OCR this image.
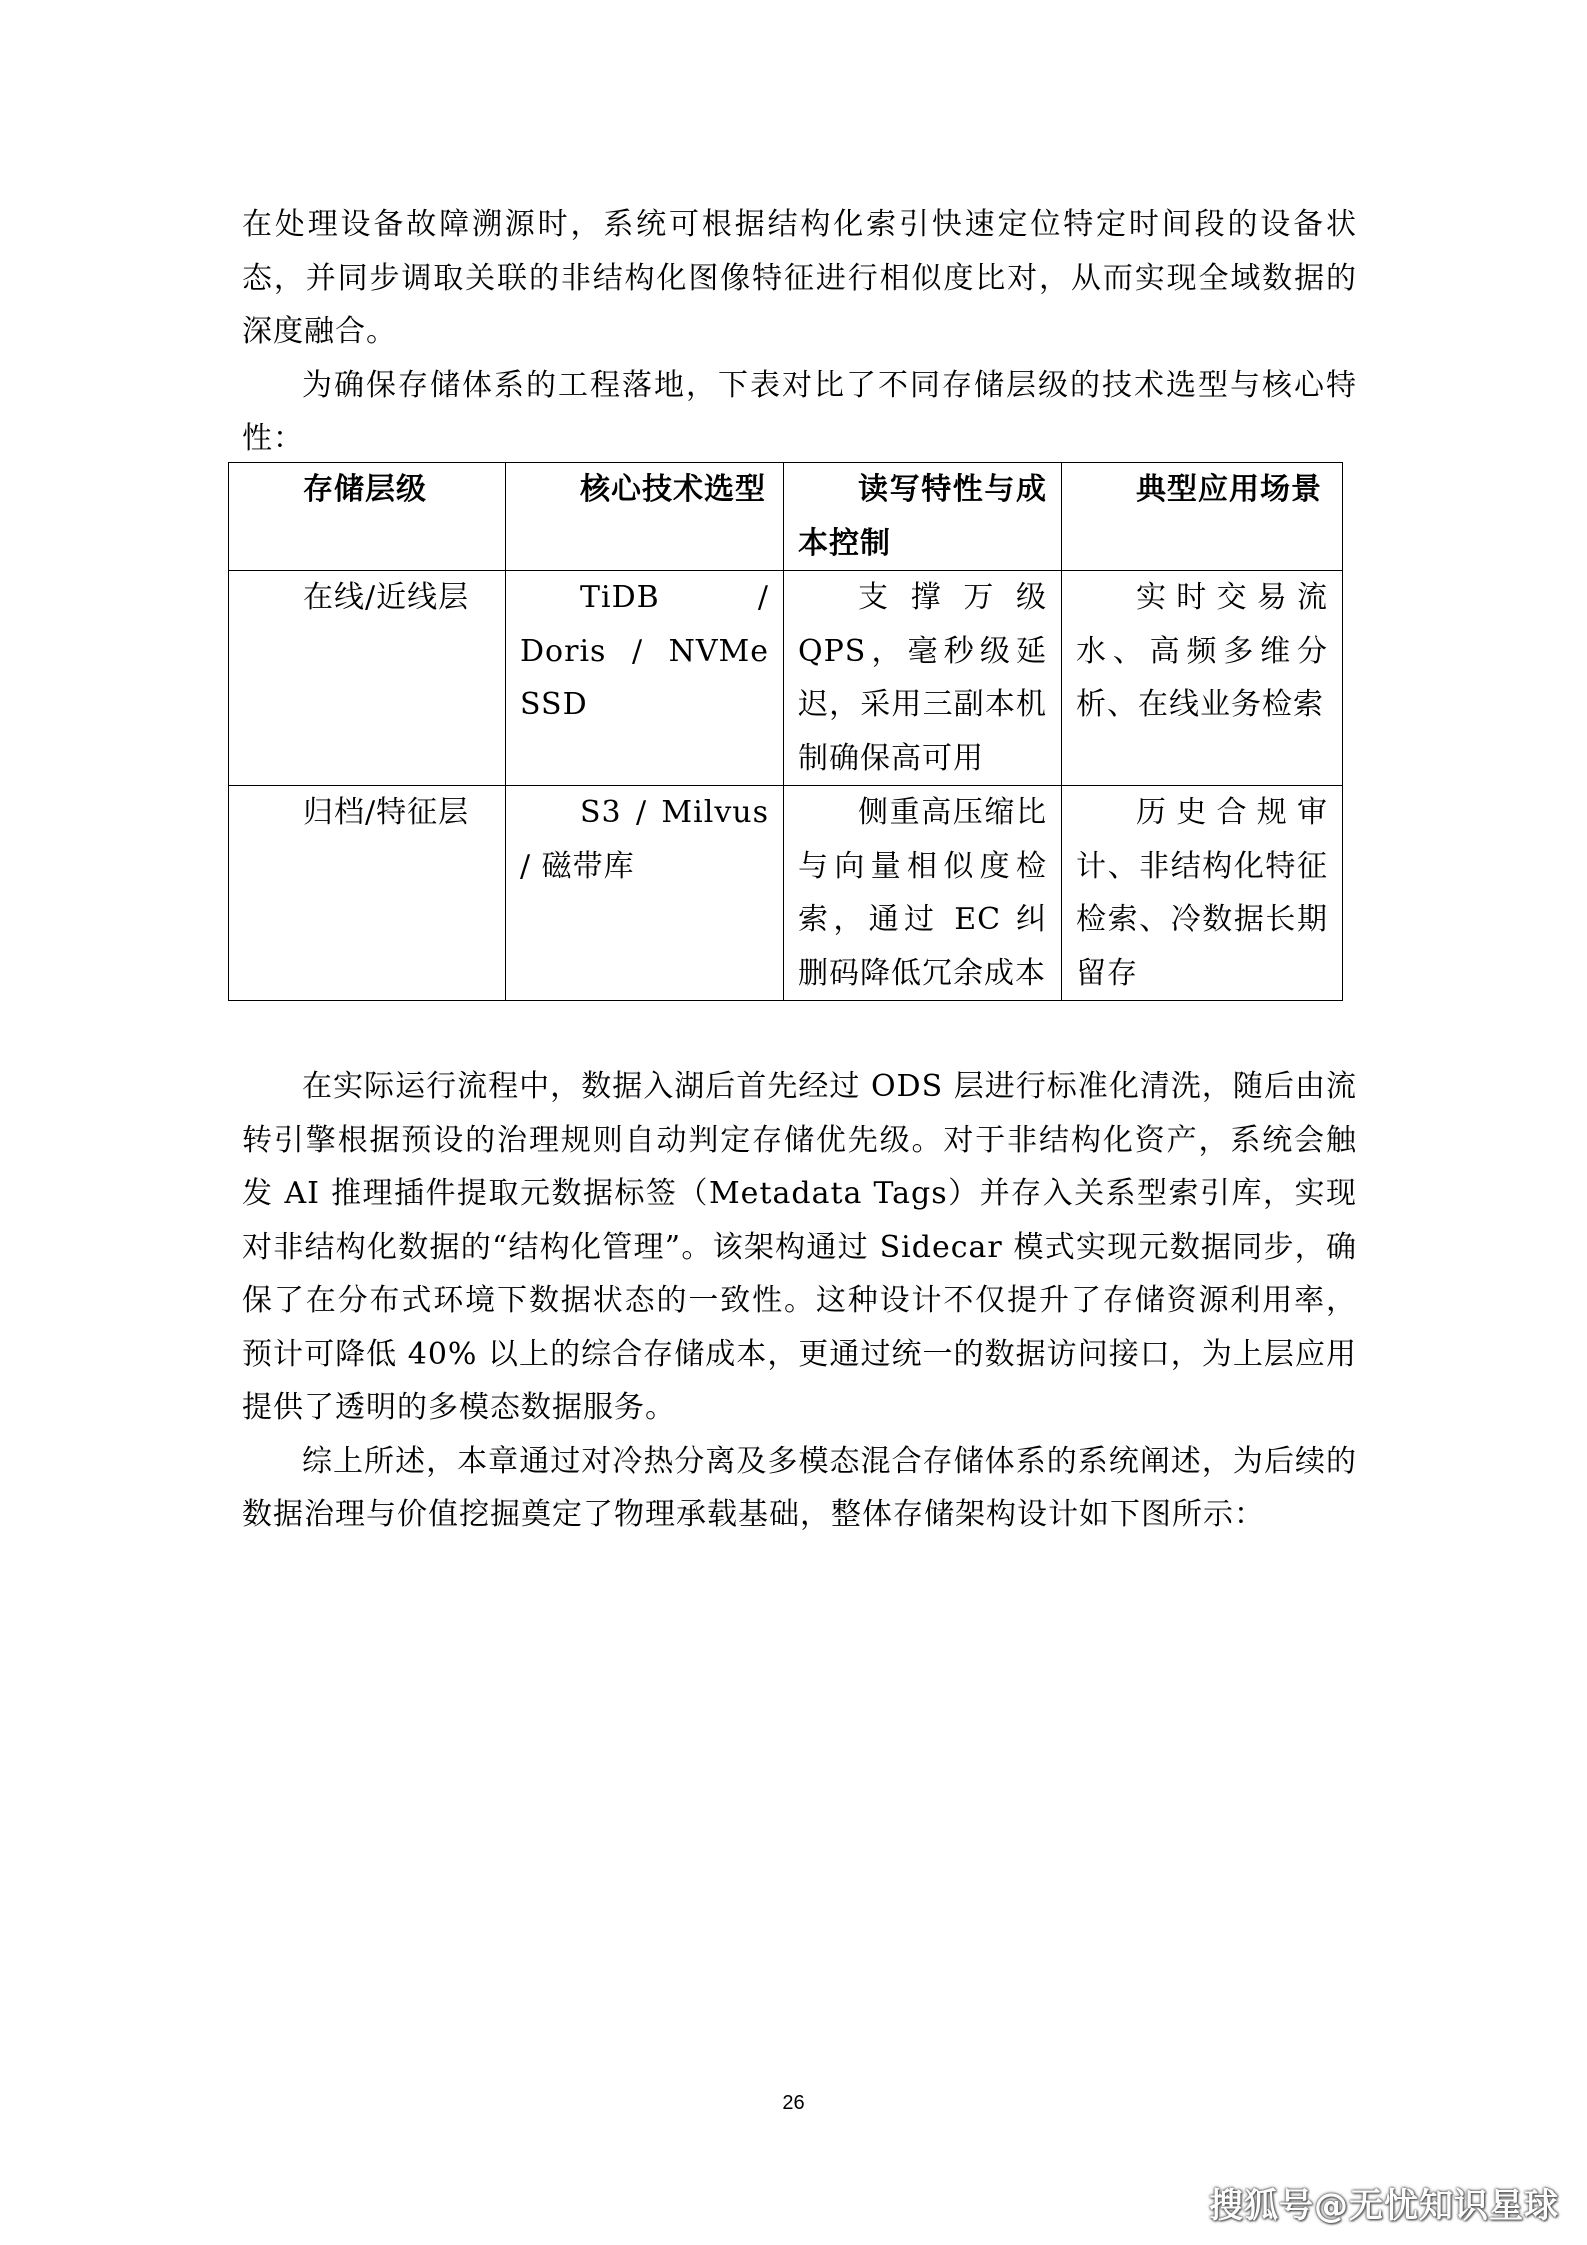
在处理设备故障溯源时，系统可根据结构化索引快速定位特定时间段的设备状态，并同步调取关联的非结构化图像特征进行相似度比对，从而实现全域数据的深度融合。

为确保存储体系的工程落地，下表对比了不同存储层级的技术选型与核心特性：

存储层级	核心技术选型	读写特性与成本控制	典型应用场景

在线/近线层	TiDB / Doris / NVMe SSD	支撑万级QPS，毫秒级延迟，采用三副本机制确保高可用	实时交易流水、高频多维分析、在线业务检索

归档/特征层	S3 / Milvus / 磁带库	侧重高压缩比与向量相似度检索，通过 EC 纠删码降低冗余成本	历史合规审计、非结构化特征检索、冷数据长期留存

在实际运行流程中，数据入湖后首先经过 ODS 层进行标准化清洗，随后由流转引擎根据预设的治理规则自动判定存储优先级。对于非结构化资产，系统会触发 AI 推理插件提取元数据标签（Metadata Tags）并存入关系型索引库，实现对非结构化数据的“结构化管理”。该架构通过 Sidecar 模式实现元数据同步，确保了在分布式环境下数据状态的一致性。这种设计不仅提升了存储资源利用率，预计可降低 40% 以上的综合存储成本，更通过统一的数据访问接口，为上层应用提供了透明的多模态数据服务。

综上所述，本章通过对冷热分离及多模态混合存储体系的系统阐述，为后续的数据治理与价值挖掘奠定了物理承载基础，整体存储架构设计如下图所示：

26
搜狐号@无忧知识星球
